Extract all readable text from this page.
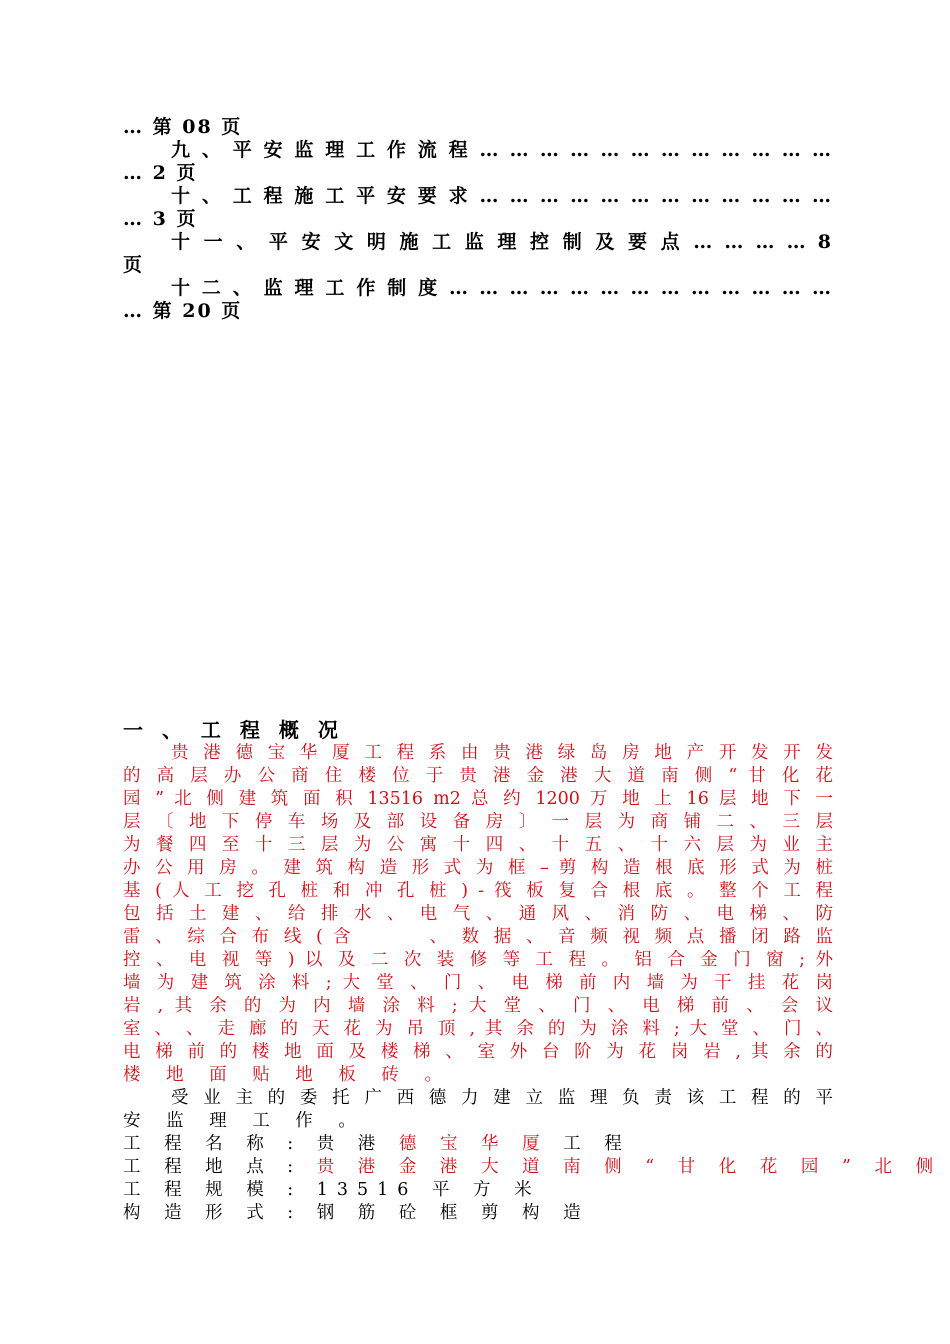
… 第 08 页
九 、 平 安 监 理 工 作 流 程 … … … … … … … … … … … …
… 2 页
十 、 工 程 施 工 平 安 要 求 … … … … … … … … … … … …
… 3 页
十 一 、 平 安 文 明 施 工 监 理 控 制 及 要 点 … … … … 8
页
十 二 、 监 理 工 作 制 度 … … … … … … … … … … … … …
… 第 20 页
一 、 工 程 概 况
贵 港 德 宝 华 厦 工 程 系 由 贵 港 绿 岛 房 地 产 开 发 开 发
的 高 层 办 公 商 住 楼 位 于 贵 港 金 港 大 道 南 侧 “ 甘 化 花
园 ” 北 侧 建 筑 面 积 13516 m2 总 约 1200 万 地 上 16 层 地 下 一
层 〔 地 下 停 车 场 及 部 设 备 房 〕 一 层 为 商 铺 二 、 三 层
为 餐 四 至 十 三 层 为 公 寓 十 四 、 十 五 、 十 六 层 为 业 主
办 公 用 房 。 建 筑 构 造 形 式 为 框 – 剪 构 造 根 底 形 式 为 桩
基 ( 人 工 挖 孔 桩 和 冲 孔 桩 ) - 筏 板 复 合 根 底 。 整 个 工 程
包 括 土 建 、 给 排 水 、 电 气 、 通 风 、 消 防 、 电 梯 、 防
雷 、 综 合 布 线 ( 含 　 　 、 数 据 、 音 频 视 频 点 播 闭 路 监
控 、 电 视 等 ) 以 及 二 次 装 修 等 工 程 。 铝 合 金 门 窗 ; 外
墙 为 建 筑 涂 料 ; 大 堂 、 门 、 电 梯 前 内 墙 为 干 挂 花 岗
岩 , 其 余 的 为 内 墙 涂 料 ; 大 堂 、 门 、 电 梯 前 、 会 议
室 、 、 走 廊 的 天 花 为 吊 顶 , 其 余 的 为 涂 料 ; 大 堂 、 门 、
电 梯 前 的 楼 地 面 及 楼 梯 、 室 外 台 阶 为 花 岗 岩 , 其 余 的
楼 地 面 贴 地 板 砖 。
受 业 主 的 委 托 广 西 德 力 建 立 监 理 负 责 该 工 程 的 平
安 监 理 工 作 。
工 程 名 称 : 贵 港 德 宝 华 厦 工 程
工 程 地 点 : 贵 港 金 港 大 道 南 侧 “ 甘 化 花 园 ” 北 侧
工 程 规 模 : 13516 平 方 米
构 造 形 式 : 钢 筋 砼 框 剪 构 造
